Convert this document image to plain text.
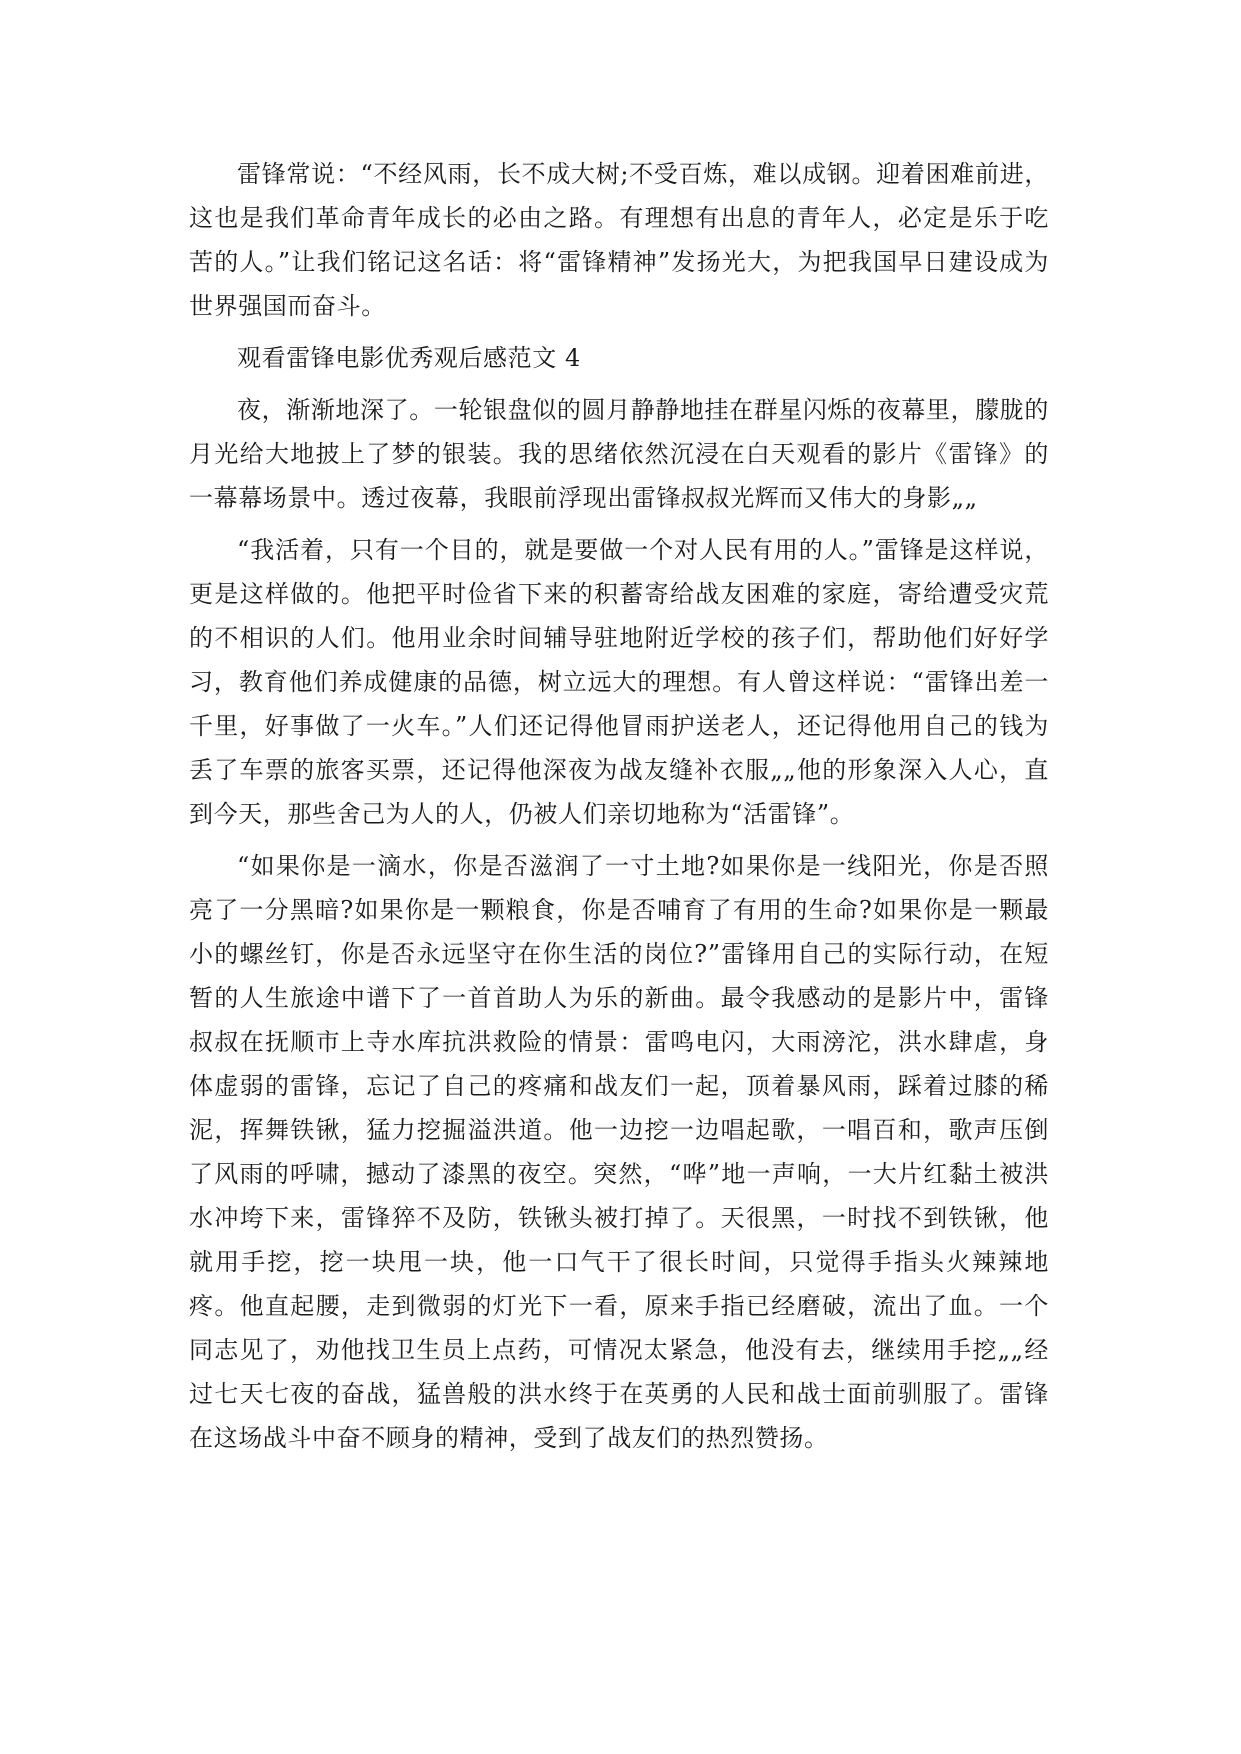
雷锋常说：“不经风雨，长不成大树;不受百炼，难以成钢。迎着困难前进，这也是我们革命青年成长的必由之路。有理想有出息的青年人，必定是乐于吃苦的人。”让我们铭记这名话：将“雷锋精神”发扬光大，为把我国早日建设成为世界强国而奋斗。

观看雷锋电影优秀观后感范文 4

夜，渐渐地深了。一轮银盘似的圆月静静地挂在群星闪烁的夜幕里，朦胧的月光给大地披上了梦的银装。我的思绪依然沉浸在白天观看的影片《雷锋》的一幕幕场景中。透过夜幕，我眼前浮现出雷锋叔叔光辉而又伟大的身影„„

“我活着，只有一个目的，就是要做一个对人民有用的人。”雷锋是这样说，更是这样做的。他把平时俭省下来的积蓄寄给战友困难的家庭，寄给遭受灾荒的不相识的人们。他用业余时间辅导驻地附近学校的孩子们，帮助他们好好学习，教育他们养成健康的品德，树立远大的理想。有人曾这样说：“雷锋出差一千里，好事做了一火车。”人们还记得他冒雨护送老人，还记得他用自己的钱为丢了车票的旅客买票，还记得他深夜为战友缝补衣服„„他的形象深入人心，直到今天，那些舍己为人的人，仍被人们亲切地称为“活雷锋”。

“如果你是一滴水，你是否滋润了一寸土地?如果你是一线阳光，你是否照亮了一分黑暗?如果你是一颗粮食，你是否哺育了有用的生命?如果你是一颗最小的螺丝钉，你是否永远坚守在你生活的岗位?”雷锋用自己的实际行动，在短暂的人生旅途中谱下了一首首助人为乐的新曲。最令我感动的是影片中，雷锋叔叔在抚顺市上寺水库抗洪救险的情景：雷鸣电闪，大雨滂沱，洪水肆虐，身体虚弱的雷锋，忘记了自己的疼痛和战友们一起，顶着暴风雨，踩着过膝的稀泥，挥舞铁锹，猛力挖掘溢洪道。他一边挖一边唱起歌，一唱百和，歌声压倒了风雨的呼啸，撼动了漆黑的夜空。突然，“哗”地一声响，一大片红黏土被洪水冲垮下来，雷锋猝不及防，铁锹头被打掉了。天很黑，一时找不到铁锹，他就用手挖，挖一块甩一块，他一口气干了很长时间，只觉得手指头火辣辣地疼。他直起腰，走到微弱的灯光下一看，原来手指已经磨破，流出了血。一个同志见了，劝他找卫生员上点药，可情况太紧急，他没有去，继续用手挖„„经过七天七夜的奋战，猛兽般的洪水终于在英勇的人民和战士面前驯服了。雷锋在这场战斗中奋不顾身的精神，受到了战友们的热烈赞扬。
